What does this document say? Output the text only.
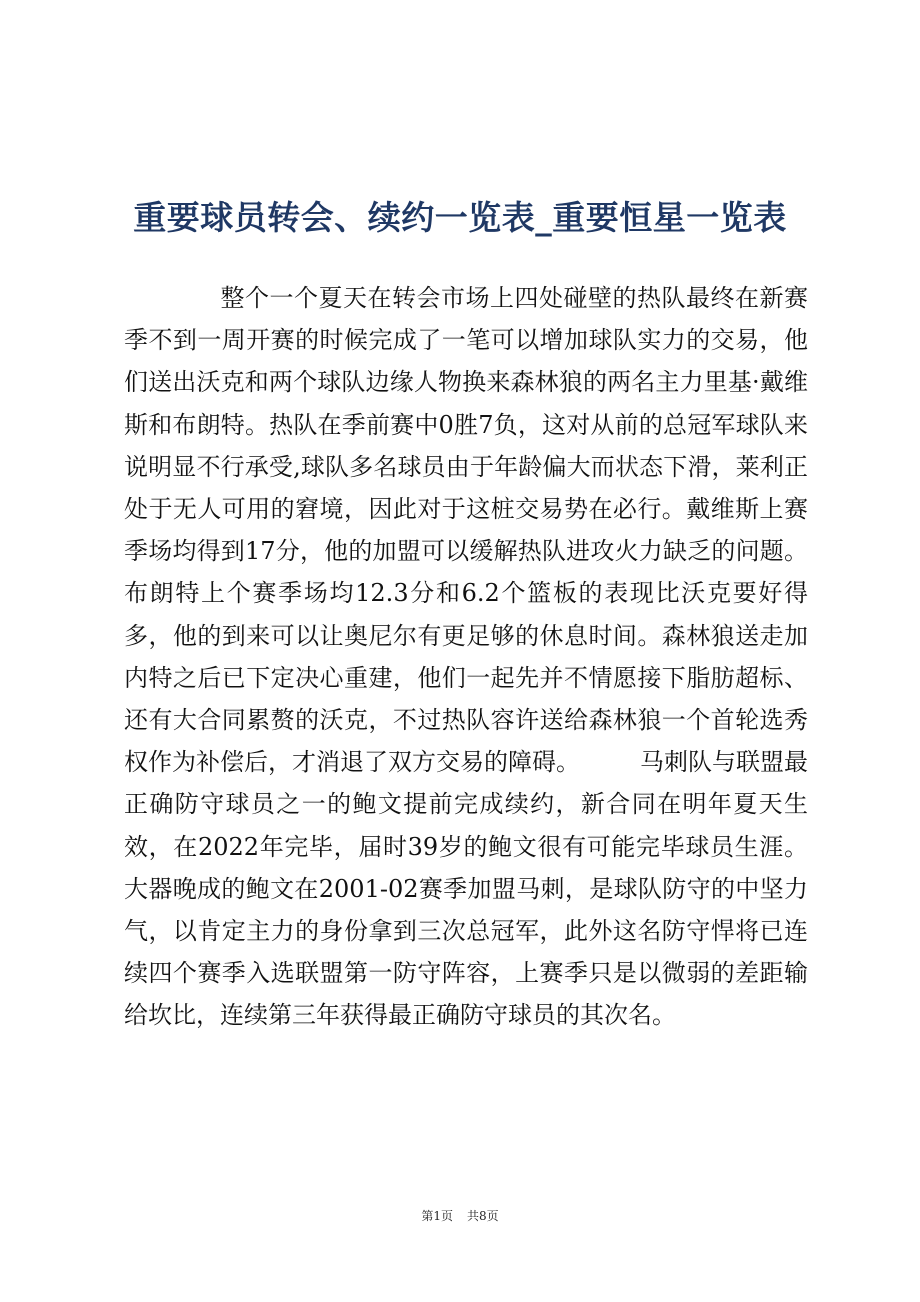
重要球员转会、续约一览表_重要恒星一览表

整个一个夏天在转会市场上四处碰壁的热队最终在新赛季不到一周开赛的时候完成了一笔可以增加球队实力的交易，他们送出沃克和两个球队边缘人物换来森林狼的两名主力里基·戴维斯和布朗特。热队在季前赛中0胜7负，这对从前的总冠军球队来说明显不行承受,球队多名球员由于年龄偏大而状态下滑，莱利正处于无人可用的窘境，因此对于这桩交易势在必行。戴维斯上赛季场均得到17分，他的加盟可以缓解热队进攻火力缺乏的问题。布朗特上个赛季场均12.3分和6.2个篮板的表现比沃克要好得多，他的到来可以让奥尼尔有更足够的休息时间。森林狼送走加内特之后已下定决心重建，他们一起先并不情愿接下脂肪超标、还有大合同累赘的沃克，不过热队容许送给森林狼一个首轮选秀权作为补偿后，才消退了双方交易的障碍。	马刺队与联盟最正确防守球员之一的鲍文提前完成续约，新合同在明年夏天生效，在2022年完毕，届时39岁的鲍文很有可能完毕球员生涯。大器晚成的鲍文在2001-02赛季加盟马刺，是球队防守的中坚力气，以肯定主力的身份拿到三次总冠军，此外这名防守悍将已连续四个赛季入选联盟第一防守阵容，上赛季只是以微弱的差距输给坎比，连续第三年获得最正确防守球员的其次名。

第1页 共8页
